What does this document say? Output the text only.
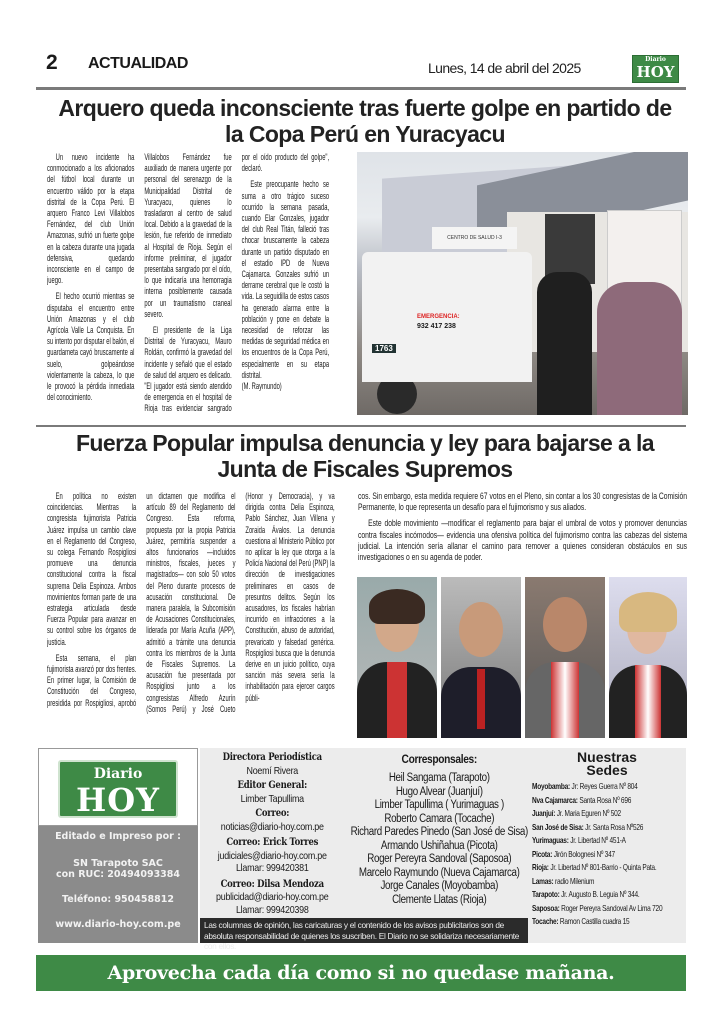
2 ACTUALIDAD	Lunes, 14 de abril del 2025
Diario
HOY
Arquero queda inconsciente tras fuerte golpe en partido de
la Copa Perú en Yuracyacu

Un nuevo incidente ha conmocionado a los aficionados del fútbol local durante un encuentro válido por la etapa distrital de la Copa Perú. El arquero Franco Levi Villalobos Fernández, del club Unión Amazonas, sufrió un fuerte golpe en la cabeza durante una jugada defensiva, quedando inconsciente en el campo de juego.

El hecho ocurrió mientras se disputaba el encuentro entre Unión Amazonas y el club Agrícola Valle La Conquista. En su intento por disputar el balón, el guardameta cayó bruscamente al suelo, golpeándose violentamente la cabeza, lo que le provocó la pérdida inmediata del conocimiento.

Villalobos Fernández fue auxiliado de manera urgente por personal del serenazgo de la Municipalidad Distrital de Yuracyacu, quienes lo trasladaron al centro de salud local. Debido a la gravedad de la lesión, fue referido de inmediato al Hospital de Rioja. Según el informe preliminar, el jugador presentaba sangrado por el oído, lo que indicaría una hemorragia interna posiblemente causada por un traumatismo craneal severo.

El presidente de la Liga Distrital de Yuracyacu, Mauro Roldán, confirmó la gravedad del incidente y señaló que el estado de salud del arquero es delicado. "El jugador está siendo atendido de emergencia en el hospital de Rioja tras evidenciar sangrado por el oído producto del golpe", declaró.

Este preocupante hecho se suma a otro trágico suceso ocurrido la semana pasada, cuando Elar Gonzales, jugador del club Real Titán, falleció tras chocar bruscamente la cabeza durante un partido disputado en el estadio IPD de Nueva Cajamarca. Gonzales sufrió un derrame cerebral que le costó la vida. La seguidilla de estos casos ha generado alarma entre la población y pone en debate la necesidad de reforzar las medidas de seguridad médica en los encuentros de la Copa Perú, especialmente en su etapa distrital.

(M. Raymundo)

CENTRO DE SALUD I-3
EMERGENCIA:
932 417 238
1763
Fuerza Popular impulsa denuncia y ley para bajarse a la
Junta de Fiscales Supremos

En política no existen coincidencias. Mientras la congresista fujimorista Patricia Juárez impulsa un cambio clave en el Reglamento del Congreso, su colega Fernando Rospigliosi promueve una denuncia constitucional contra la fiscal suprema Delia Espinoza. Ambos movimientos forman parte de una estrategia articulada desde Fuerza Popular para avanzar en su control sobre los órganos de justicia.

Esta semana, el plan fujimorista avanzó por dos frentes. En primer lugar, la Comisión de Constitución del Congreso, presidida por Rospigliosi, aprobó un dictamen que modifica el artículo 89 del Reglamento del Congreso. Esta reforma, propuesta por la propia Patricia Juárez, permitiría suspender a altos funcionarios —incluidos ministros, fiscales, jueces y magistrados— con solo 50 votos del Pleno durante procesos de acusación constitucional. De manera paralela, la Subcomisión de Acusaciones Constitucionales, liderada por María Acuña (APP), admitió a trámite una denuncia contra los miembros de la Junta de Fiscales Supremos. La acusación fue presentada por Rospigliosi junto a los congresistas Alfredo Azurín (Somos Perú) y José Cueto (Honor y Democracia), y va dirigida contra Delia Espinoza, Pablo Sánchez, Juan Villena y Zoraida Ávalos. La denuncia cuestiona al Ministerio Público por no aplicar la ley que otorga a la Policía Nacional del Perú (PNP) la dirección de investigaciones preliminares en casos de presuntos delitos. Según los acusadores, los fiscales habrían incurrido en infracciones a la Constitución, abuso de autoridad, prevaricato y falsedad genérica. Rospigliosi busca que la denuncia derive en un juicio político, cuya sanción más severa sería la inhabilitación para ejercer cargos públi-

cos. Sin embargo, esta medida requiere 67 votos en el Pleno, sin contar a los 30 congresistas de la Comisión Permanente, lo que representa un desafío para el fujimorismo y sus aliados.

Este doble movimiento —modificar el reglamento para bajar el umbral de votos y promover denuncias contra fiscales incómodos— evidencia una ofensiva política del fujimorismo contra las cabezas del sistema judicial. La intención sería allanar el camino para remover a quienes consideran obstáculos en sus investigaciones o en su agenda de poder.

Diario
HOY
Editado e Impreso por :
SN Tarapoto SAC
con RUC: 20494093384
Teléfono: 950458812
www.diario-hoy.com.pe
Directora Periodística
Noemí Rivera
Editor General:
Limber Tapullima
Correo:
noticias@diario-hoy.com.pe
Correo: Erick Torres
judiciales@diario-hoy.com.pe
Llamar: 999420381
Correo: Dilsa Mendoza
publicidad@diario-hoy.com.pe
Llamar: 999420398
Corresponsales:
Heil Sangama (Tarapoto)
Hugo Alvear (Juanjuí)
Limber Tapullima ( Yurimaguas )
Roberto Camara (Tocache)
Richard Paredes Pinedo (San José de Sisa)
Armando Ushiñahua (Picota)
Roger Pereyra Sandoval (Saposoa)
Marcelo Raymundo (Nueva Cajamarca)
Jorge Canales (Moyobamba)
Clemente Llatas (Rioja)
Las columnas de opinión, las caricaturas y el contenido de los avisos publicitarios son de absoluta responsabilidad de quienes los suscriben. El Diario no se solidariza necesariamente con ellos.
Nuestras
Sedes
Moyobamba: Jr: Reyes Guerra Nº 804
Nva Cajamarca: Santa Rosa Nº 696
Juanjuí: Jr. Maria Eguren Nº 502
San José de Sisa: Jr. Santa Rosa Nº526
Yurimaguas: Jr. Libertad Nº 451-A
Picota: Jirón Bolognesi Nº 347
Rioja: Jr. Libertad Nº 801-Barrio - Quinta Pata.
Lamas: radio Milenium
Tarapoto: Jr. Augusto B. Leguia Nº 344.
Saposoa: Roger Pereyra Sandoval Av Lima 720
Tocache: Ramon Castilla cuadra 15
Aprovecha cada día como si no quedase mañana.
